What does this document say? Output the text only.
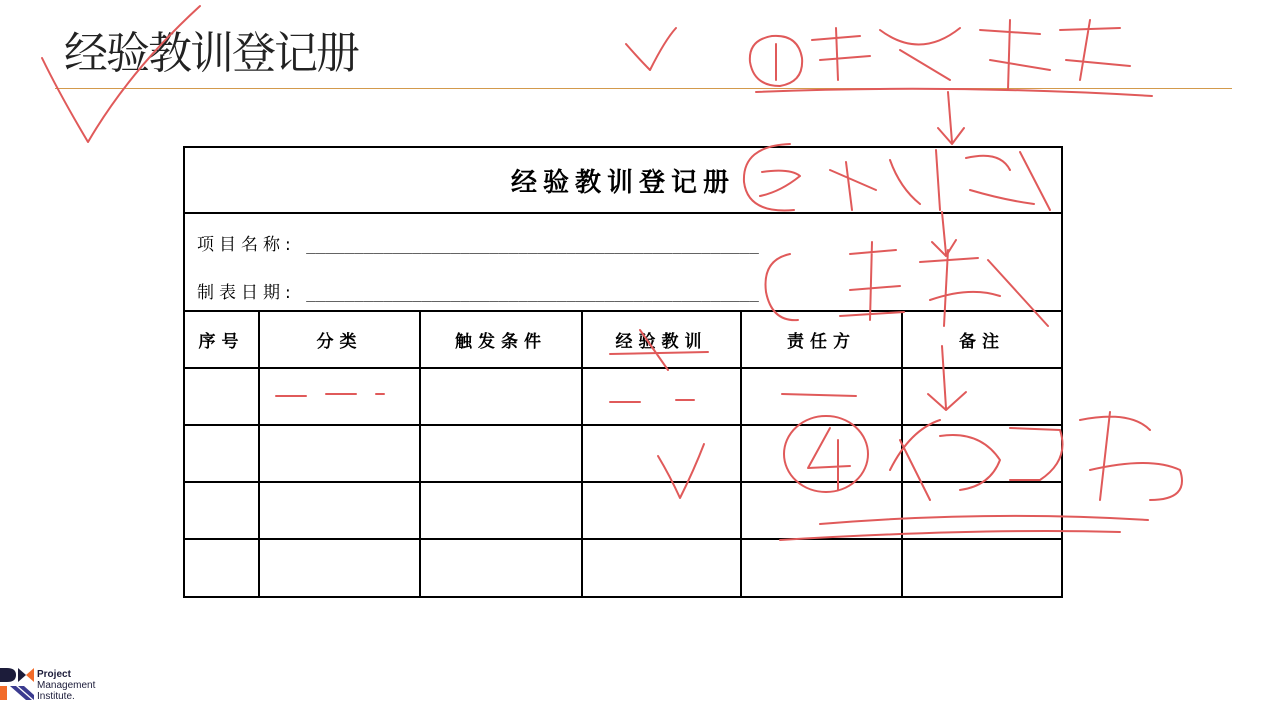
经验教训登记册
经验教训登记册
项目名称: _______________________________________________
制表日期: _______________________________________________
序号	分类	触发条件	经验教训	责任方	备注

Project
Management
Institute.
